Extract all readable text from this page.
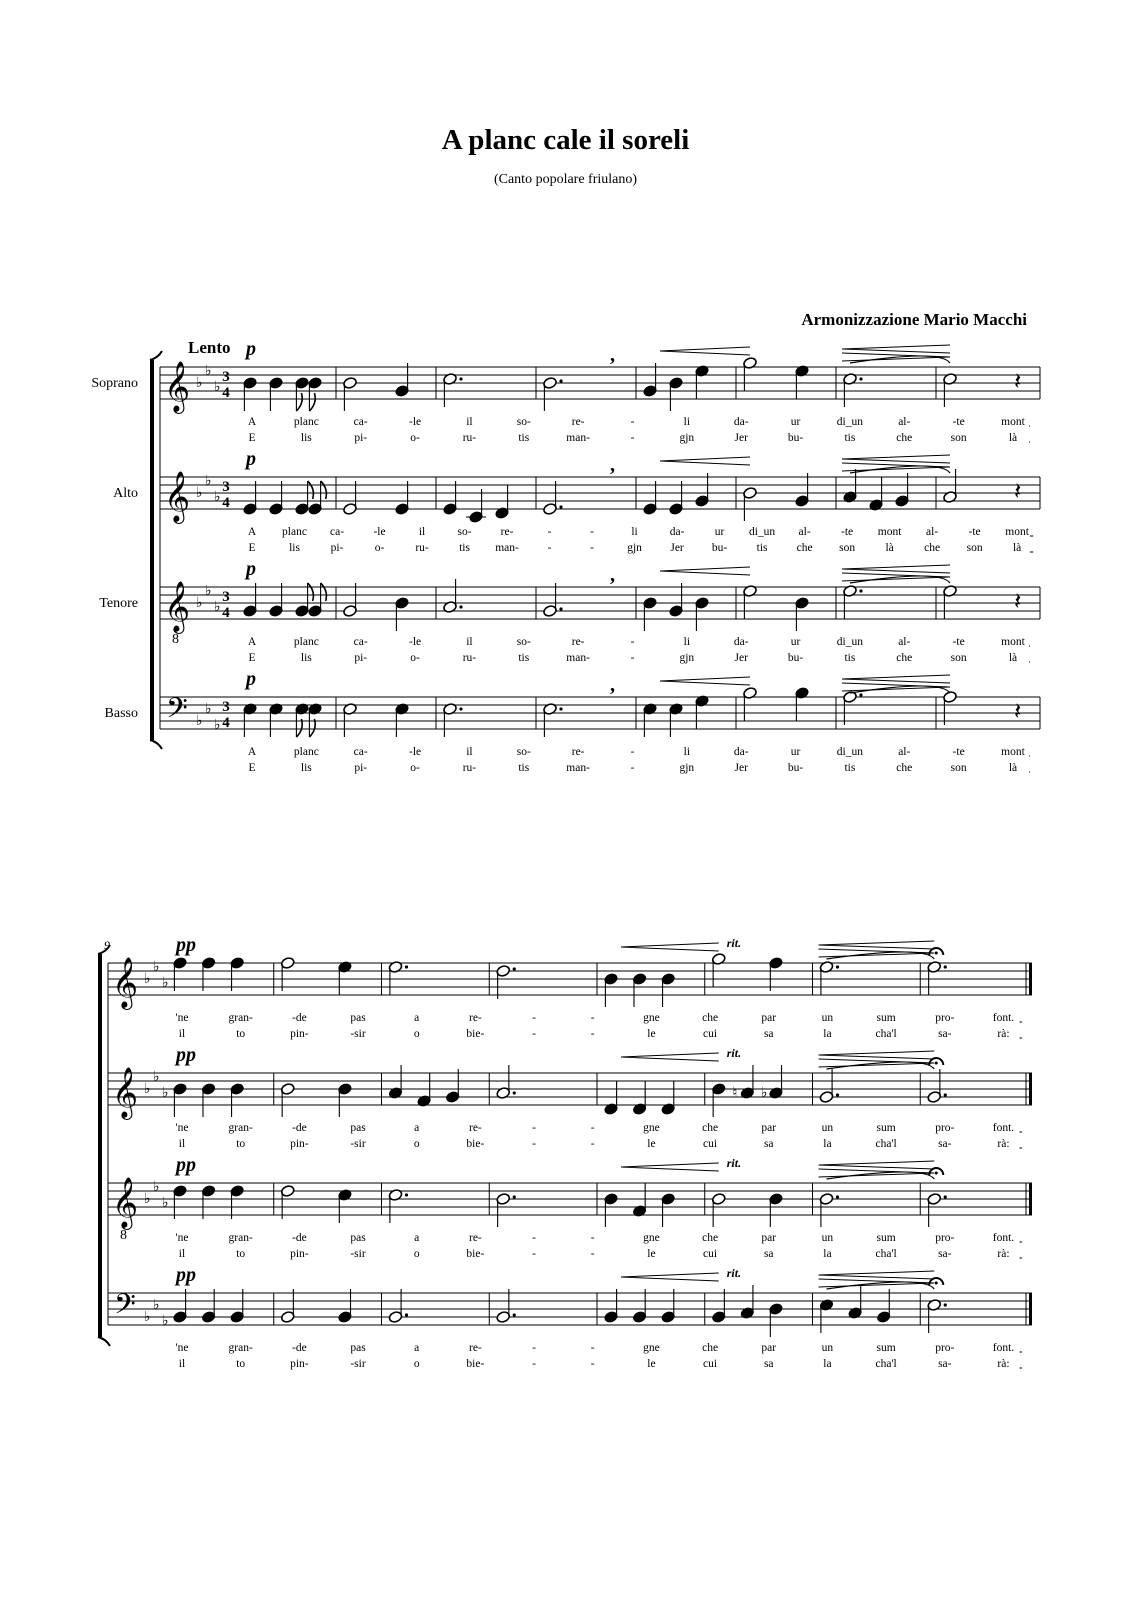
A planc cale il soreli

(Canto popolare friulano)

Armonizzazione Mario Macchi
Soprano 𝄞 ♭
♭
♭
3
4	𝄽
p
Lento	,
A	planc	ca-	-le	il	so-	re-	-	li	da-	ur	di_un	al-	-te	mont
E	lis	pi-	o-	ru-	tis	man-	-	gjn	Jer	bu-	tis	che	son	là
Alto 𝄞 ♭
♭
♭
3
4	𝄽
p	,
A planc ca-	-le	il	so-	re-	-	-	li	da-	ur di_un al-	-te mont al-	-te mont
E	lis	pi-	o-	ru-	tis man-	-	-	gjn Jer bu-	tis	che son	là	che son	là
Tenore 𝄞
8
♭
♭
♭
3
4	𝄽
p	,
A	planc	ca-	-le	il	so-	re-	-	li	da-	ur	di_un	al-	-te	mont
E	lis	pi-	o-	ru-	tis	man-	-	gjn	Jer	bu-	tis	che	son	là
Basso 𝄢 ♭
♭
♭
3
4	𝄽
p	,
A	planc	ca-	-le	il	so-	re-	-	li	da-	ur	di_un	al-	-te	mont
E	lis	pi-	o-	ru-	tis	man-	-	gjn	Jer	bu-	tis	che	son	là
9
𝄞 ♭
♭
♭
pp	rit.
'ne	gran-	-de	pas	a	re-	-	-	gne	che	par	un	sum	pro-	font.
il	to	pin-	-sir	o	bie-	-	-	le	cui	sa	la	cha'l	sa-	rà:
𝄞 ♭
♭
♭	♮ ♭
pp	rit.
'ne	gran-	-de	pas	a	re-	-	-	gne	che	par	un	sum	pro-	font.
il	to	pin-	-sir	o	bie-	-	-	le	cui	sa	la	cha'l	sa-	rà:
𝄞
8
♭
♭
♭
pp	rit.
'ne	gran-	-de	pas	a	re-	-	-	gne	che	par	un	sum	pro-	font.
il	to	pin-	-sir	o	bie-	-	-	le	cui	sa	la	cha'l	sa-	rà:
𝄢 ♭
♭
♭
pp	rit.
'ne	gran-	-de	pas	a	re-	-	-	gne	che	par	un	sum	pro-	font.
il	to	pin-	-sir	o	bie-	-	-	le	cui	sa	la	cha'l	sa-	rà:
